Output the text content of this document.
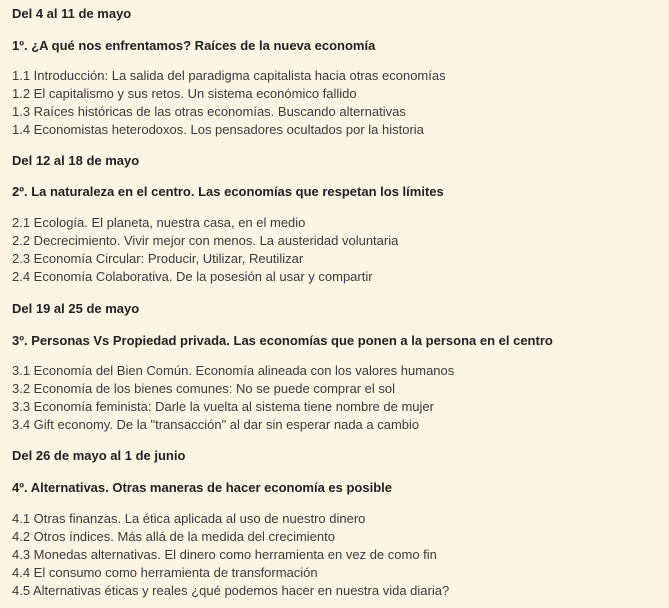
Del 4 al 11 de mayo
1º. ¿A qué nos enfrentamos? Raíces de la nueva economía
1.1 Introducción: La salida del paradigma capitalista hacia otras economías
1.2 El capitalismo y sus retos. Un sistema económico fallido
1.3 Raíces históricas de las otras economías. Buscando alternativas
1.4 Economistas heterodoxos. Los pensadores ocultados por la historia
Del 12 al 18 de mayo
2º. La naturaleza en el centro. Las economías que respetan los límites
2.1 Ecología. El planeta, nuestra casa, en el medio
2.2 Decrecimiento. Vivir mejor con menos. La austeridad voluntaria
2.3 Economía Circular: Producir, Utilizar, Reutilizar
2.4 Economía Colaborativa. De la posesión al usar y compartir
Del 19 al 25 de mayo
3º. Personas Vs Propiedad privada. Las economías que ponen a la persona en el centro
3.1 Economía del Bien Común. Economía alineada con los valores humanos
3.2 Economía de los bienes comunes: No se puede comprar el sol
3.3 Economía feminista: Darle la vuelta al sistema tiene nombre de mujer
3.4 Gift economy. De la "transacción" al dar sin esperar nada a cambio
Del 26 de mayo al 1 de junio
4º. Alternativas. Otras maneras de hacer economía es posible
4.1 Otras finanzas. La ética aplicada al uso de nuestro dinero
4.2 Otros índices. Más allá de la medida del crecimiento
4.3 Monedas alternativas. El dinero como herramienta en vez de como fin
4.4 El consumo como herramienta de transformación
4.5 Alternativas éticas y reales ¿qué podemos hacer en nuestra vida diaria?
